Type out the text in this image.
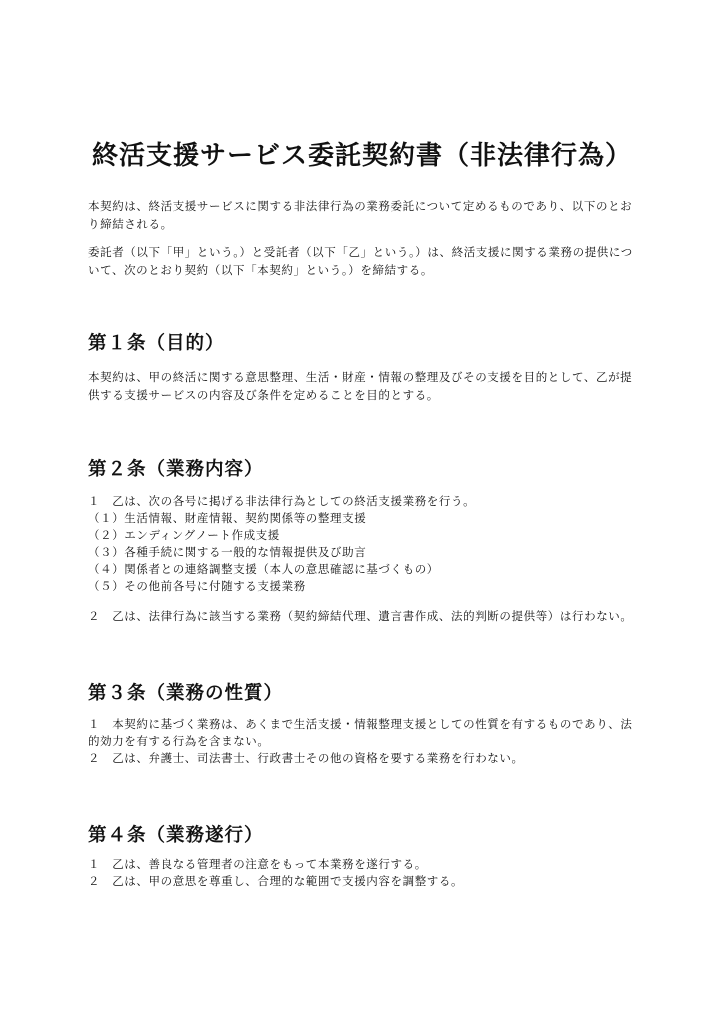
終活支援サービス委託契約書（非法律行為）

本契約は、終活支援サービスに関する非法律行為の業務委託について定めるものであり、以下のとおり締結される。

委託者（以下「甲」という。）と受託者（以下「乙」という。）は、終活支援に関する業務の提供について、次のとおり契約（以下「本契約」という。）を締結する。

第１条（目的）

本契約は、甲の終活に関する意思整理、生活・財産・情報の整理及びその支援を目的として、乙が提供する支援サービスの内容及び条件を定めることを目的とする。

第２条（業務内容）
１　乙は、次の各号に掲げる非法律行為としての終活支援業務を行う。
（１）生活情報、財産情報、契約関係等の整理支援
（２）エンディングノート作成支援
（３）各種手続に関する一般的な情報提供及び助言
（４）関係者との連絡調整支援（本人の意思確認に基づくもの）
（５）その他前各号に付随する支援業務

２　乙は、法律行為に該当する業務（契約締結代理、遺言書作成、法的判断の提供等）は行わない。

第３条（業務の性質）
１　本契約に基づく業務は、あくまで生活支援・情報整理支援としての性質を有するものであり、法的効力を有する行為を含まない。
２　乙は、弁護士、司法書士、行政書士その他の資格を要する業務を行わない。
第４条（業務遂行）
１　乙は、善良なる管理者の注意をもって本業務を遂行する。
２　乙は、甲の意思を尊重し、合理的な範囲で支援内容を調整する。
